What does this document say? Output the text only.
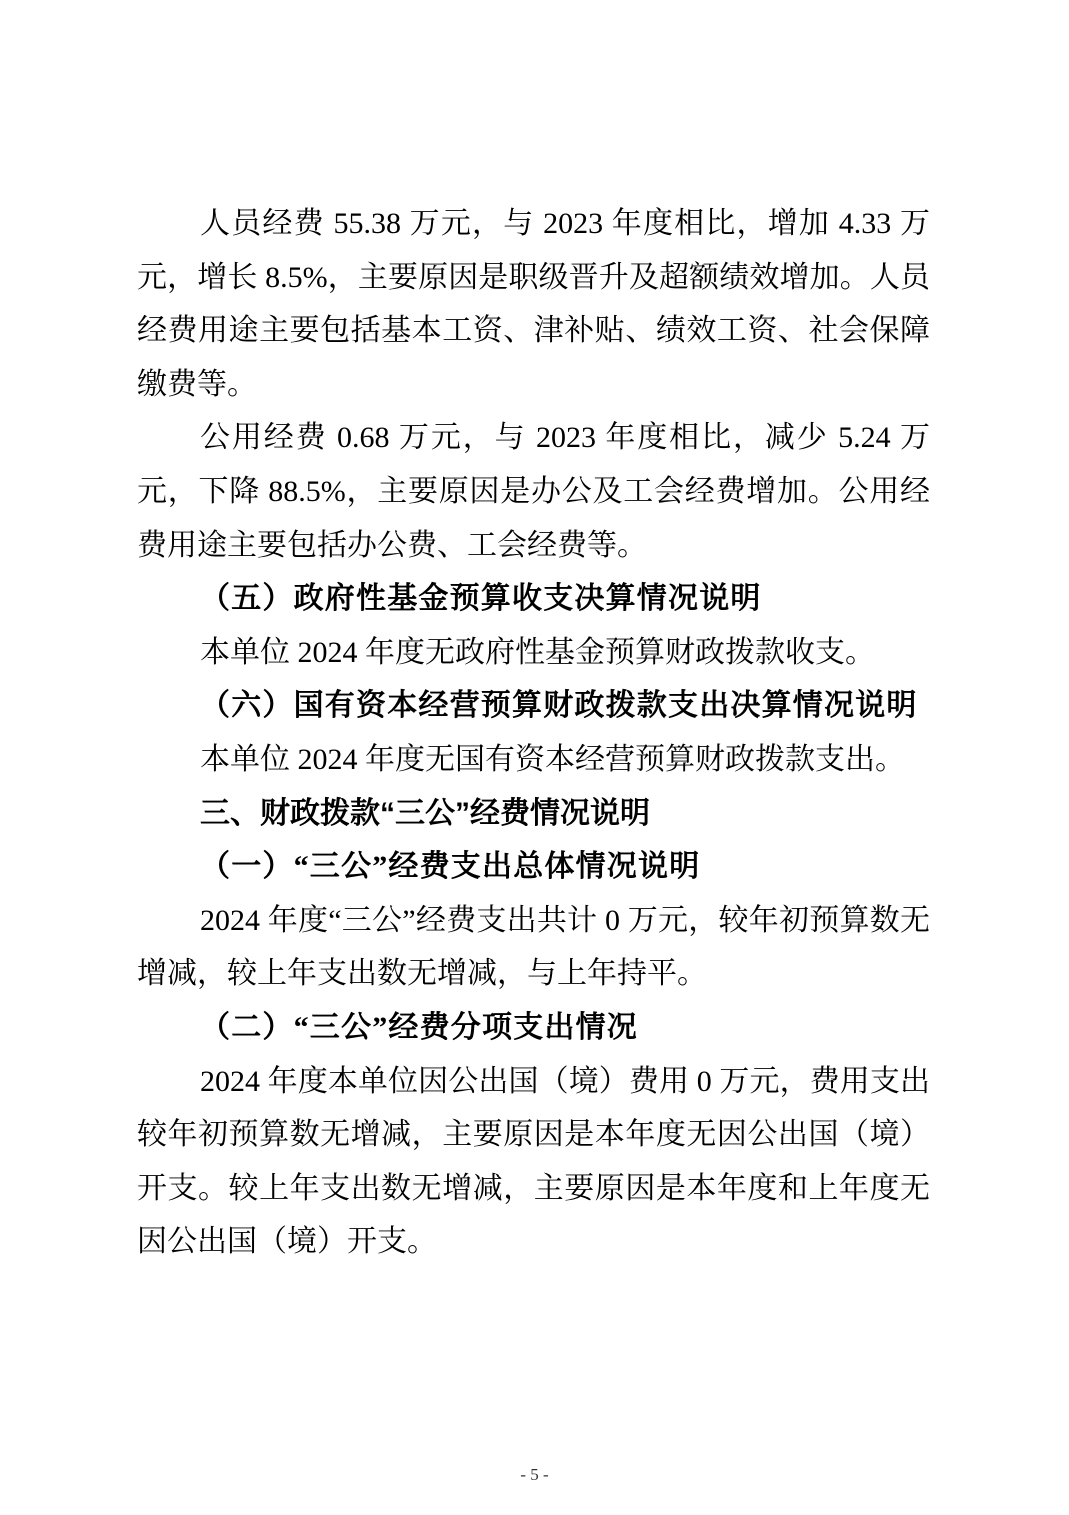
人员经费 55.38 万元，与 2023 年度相比，增加 4.33 万元，增长 8.5%，主要原因是职级晋升及超额绩效增加。人员经费用途主要包括基本工资、津补贴、绩效工资、社会保障缴费等。

公用经费 0.68 万元，与 2023 年度相比，减少 5.24 万元，下降 88.5%，主要原因是办公及工会经费增加。公用经费用途主要包括办公费、工会经费等。

（五）政府性基金预算收支决算情况说明

本单位 2024 年度无政府性基金预算财政拨款收支。

（六）国有资本经营预算财政拨款支出决算情况说明

本单位 2024 年度无国有资本经营预算财政拨款支出。

三、财政拨款“三公”经费情况说明

（一）“三公”经费支出总体情况说明

2024 年度“三公”经费支出共计 0 万元，较年初预算数无增减，较上年支出数无增减，与上年持平。

（二）“三公”经费分项支出情况

2024 年度本单位因公出国（境）费用 0 万元，费用支出较年初预算数无增减，主要原因是本年度无因公出国（境）开支。较上年支出数无增减，主要原因是本年度和上年度无因公出国（境）开支。

- 5 -
